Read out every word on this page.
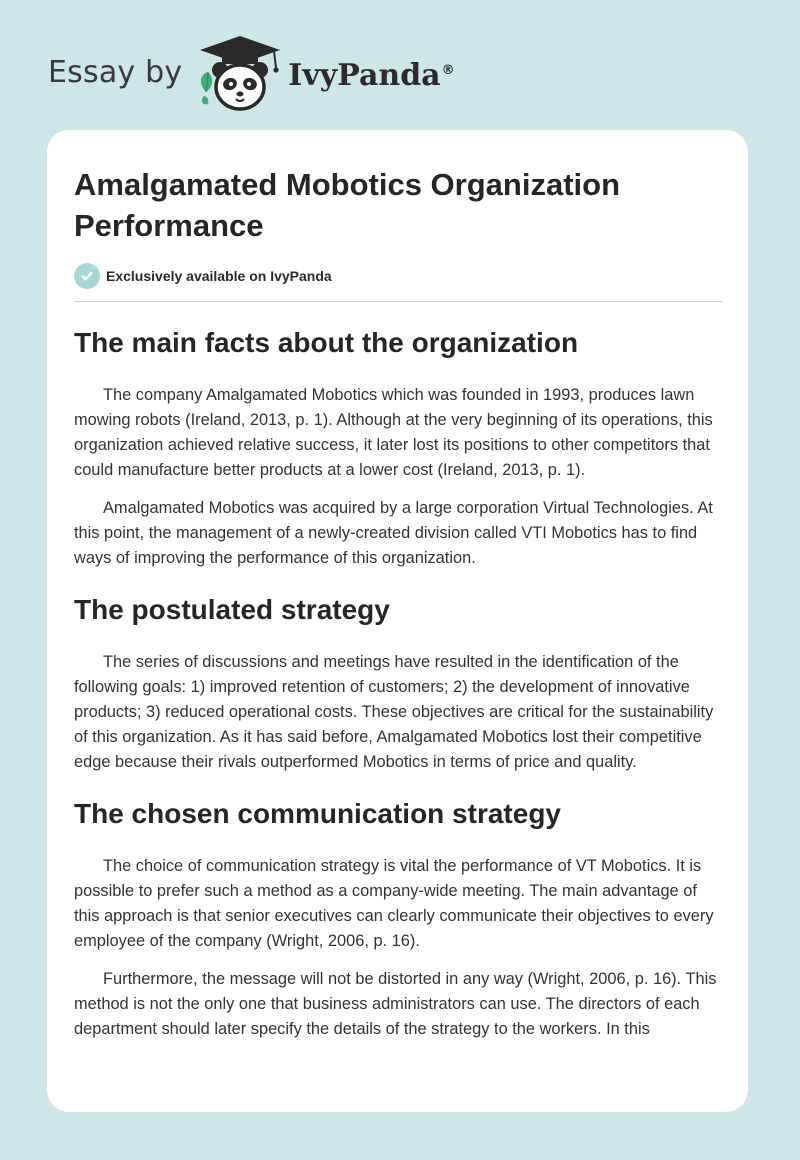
Essay by	IvyPanda®
Amalgamated Mobotics Organization Performance
Exclusively available on IvyPanda
The main facts about the organization

The company Amalgamated Mobotics which was founded in 1993, produces lawn mowing robots (Ireland, 2013, p. 1). Although at the very beginning of its operations, this organization achieved relative success, it later lost its positions to other competitors that could manufacture better products at a lower cost (Ireland, 2013, p. 1).

Amalgamated Mobotics was acquired by a large corporation Virtual Technologies. At this point, the management of a newly-created division called VTI Mobotics has to find ways of improving the performance of this organization.

The postulated strategy

The series of discussions and meetings have resulted in the identification of the following goals: 1) improved retention of customers; 2) the development of innovative products; 3) reduced operational costs. These objectives are critical for the sustainability of this organization. As it has said before, Amalgamated Mobotics lost their competitive edge because their rivals outperformed Mobotics in terms of price and quality.

The chosen communication strategy

The choice of communication strategy is vital the performance of VT Mobotics. It is possible to prefer such a method as a company-wide meeting. The main advantage of this approach is that senior executives can clearly communicate their objectives to every employee of the company (Wright, 2006, p. 16).

Furthermore, the message will not be distorted in any way (Wright, 2006, p. 16). This method is not the only one that business administrators can use. The directors of each department should later specify the details of the strategy to the workers. In this
